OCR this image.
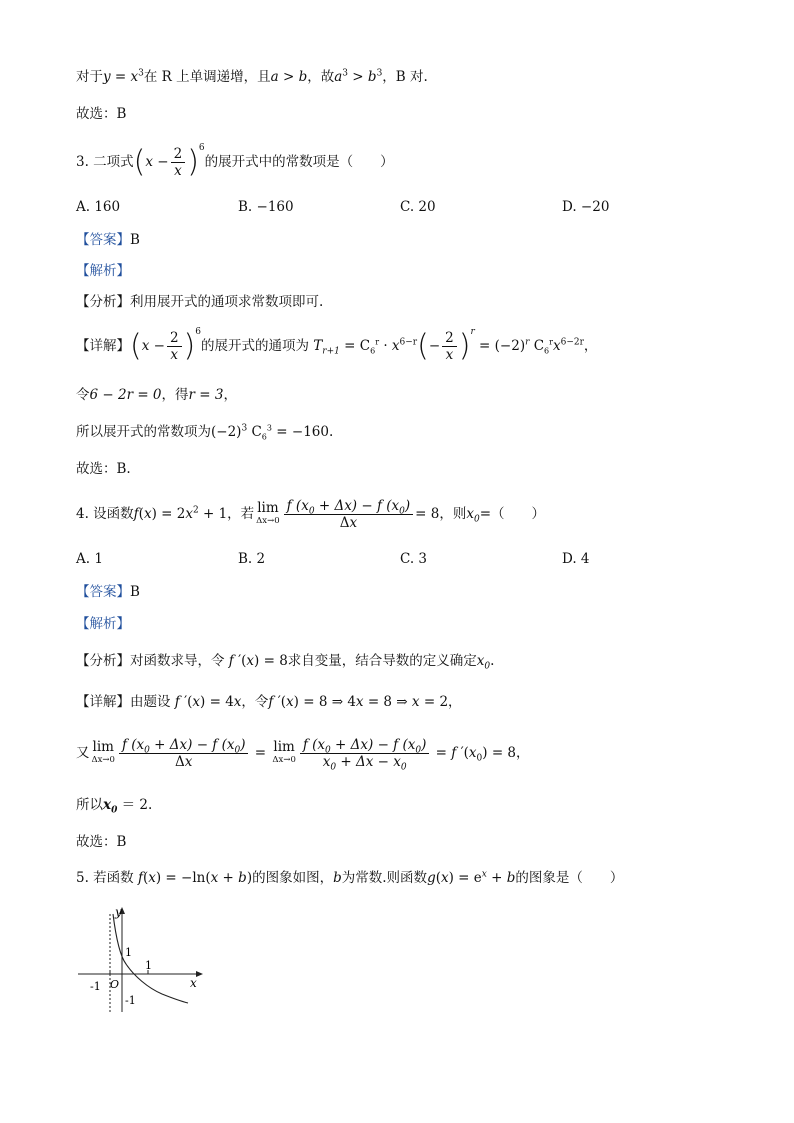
对于$y = x^3$在 R 上单调递增，且a > b，故$a^3 > b^3$，B 对.
故选：B
3. 二项式$(x - \frac{2}{x} )^6$的展开式中的常数项是（　　）
A. 160	B. −160	C. 20	D. −20
【答案】B
【解析】
【分析】利用展开式的通项求常数项即可.
【详解】$(x - \frac{2}{x} )^6$的展开式的通项为 $T_{r+1} = C_6^r \cdot x^{6-r}(- \frac{2}{x} )^r = (-2)^r$ $C_6^rx^{6-2r}$，
令6 − 2r = 0，得r = 3，
所以展开式的常数项为$(-2)^3$ $C_6^3 = -160$.
故选：B.
4. 设函数$f(x) = 2x^2 + 1$，若 lim
$\Delta x\to 0 \frac{f (x_0 + \Delta x) - f (x_0)}{\Delta x} = 8$，则$x_0=$（　　）
A. 1	B. 2	C. 3	D. 4
【答案】B
【解析】
【分析】对函数求导，令 f ′(x) = 8求自变量，结合导数的定义确定$x_0$.
【详解】由题设 f ′(x) = 4x，令f ′(x) = 8 ⇒ 4x = 8 ⇒ x = 2，
又 lim
$\Delta x\to 0 \frac{f (x_0 + \Delta x) - f (x_0)}{\Delta x} = \lim$
$\Delta x\to 0 \frac{f (x_0 + \Delta x) - f (x_0)}{x_0 + \Delta x - x_0} = f$ $'(x_0) = 8$，
所以$x_0 = 2$.
故选：B
5. 若函数 f(x) = −ln(x + b)的图象如图，b为常数.则函数$g(x) = e^x + b$的图象是（　　）
y
x
O
-1
1
1
-1
